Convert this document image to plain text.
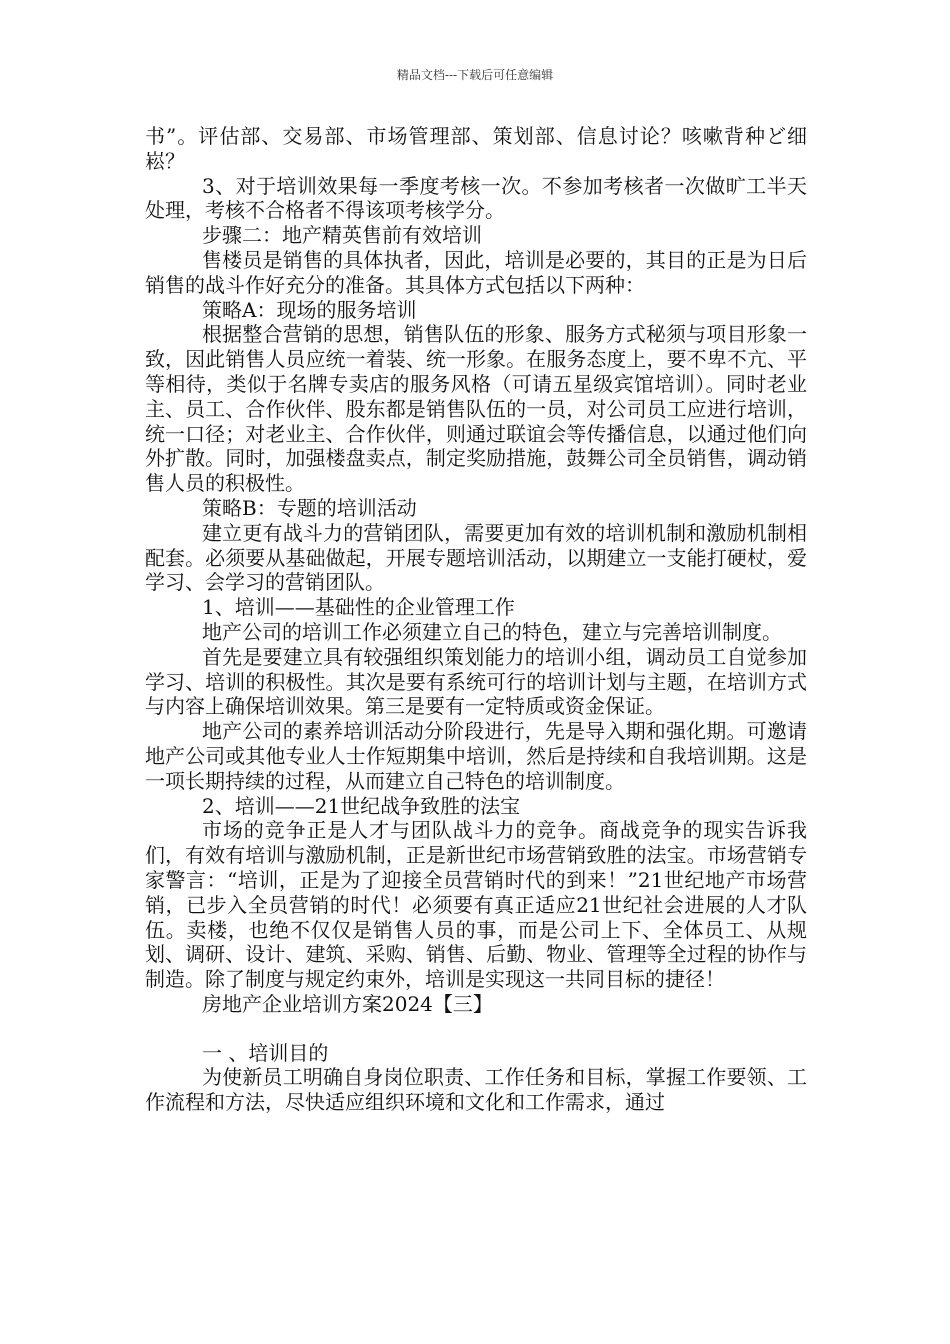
精品文档---下载后可任意编辑

书”。评估部、交易部、市场管理部、策划部、信息讨论？咳嗽背种ど细崧？

3、对于培训效果每一季度考核一次。不参加考核者一次做旷工半天处理，考核不合格者不得该项考核学分。

步骤二：地产精英售前有效培训

售楼员是销售的具体执者，因此，培训是必要的，其目的正是为日后销售的战斗作好充分的准备。其具体方式包括以下两种：

策略A：现场的服务培训

根据整合营销的思想，销售队伍的形象、服务方式秘须与项目形象一致，因此销售人员应统一着装、统一形象。在服务态度上，要不卑不亢、平等相待，类似于名牌专卖店的服务风格（可请五星级宾馆培训）。同时老业主、员工、合作伙伴、股东都是销售队伍的一员，对公司员工应进行培训，统一口径；对老业主、合作伙伴，则通过联谊会等传播信息，以通过他们向外扩散。同时，加强楼盘卖点，制定奖励措施，鼓舞公司全员销售，调动销售人员的积极性。

策略B：专题的培训活动

建立更有战斗力的营销团队，需要更加有效的培训机制和激励机制相配套。必须要从基础做起，开展专题培训活动，以期建立一支能打硬杖，爱学习、会学习的营销团队。

1、培训——基础性的企业管理工作

地产公司的培训工作必须建立自己的特色，建立与完善培训制度。

首先是要建立具有较强组织策划能力的培训小组，调动员工自觉参加学习、培训的积极性。其次是要有系统可行的培训计划与主题，在培训方式与内容上确保培训效果。第三是要有一定特质或资金保证。

地产公司的素养培训活动分阶段进行，先是导入期和强化期。可邀请地产公司或其他专业人士作短期集中培训，然后是持续和自我培训期。这是一项长期持续的过程，从而建立自己特色的培训制度。

2、培训——21世纪战争致胜的法宝

市场的竞争正是人才与团队战斗力的竞争。商战竞争的现实告诉我们，有效有培训与激励机制，正是新世纪市场营销致胜的法宝。市场营销专家警言：“培训，正是为了迎接全员营销时代的到来！”21世纪地产市场营销，已步入全员营销的时代！必须要有真正适应21世纪社会进展的人才队伍。卖楼，也绝不仅仅是销售人员的事，而是公司上下、全体员工、从规划、调研、设计、建筑、采购、销售、后勤、物业、管理等全过程的协作与制造。除了制度与规定约束外，培训是实现这一共同目标的捷径！

房地产企业培训方案2024【三】

一 、培训目的

为使新员工明确自身岗位职责、工作任务和目标，掌握工作要领、工作流程和方法，尽快适应组织环境和文化和工作需求，通过
